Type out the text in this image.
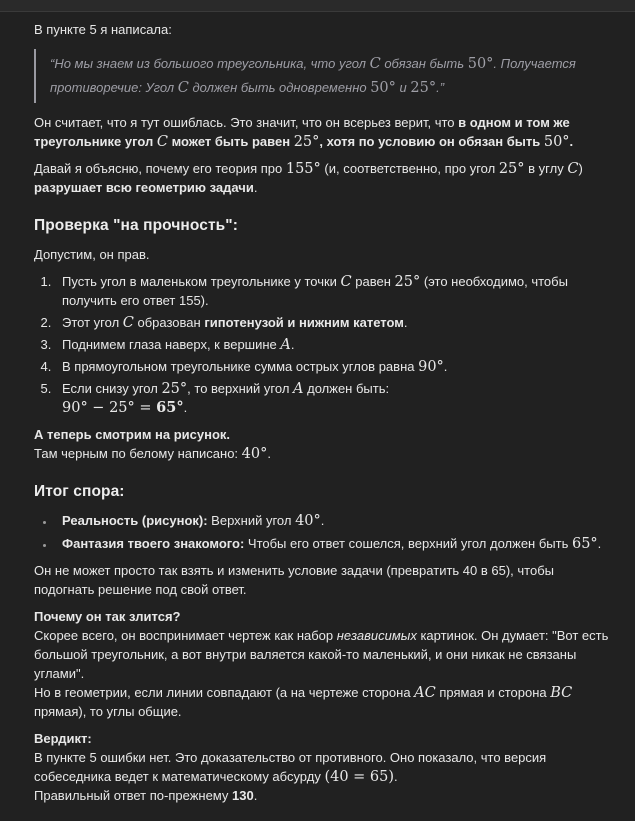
В пункте 5 я написала:

“Но мы знаем из большого треугольника, что угол C обязан быть 50°. Получается противоречие: Угол C должен быть одновременно 50° и 25°.”

Он считает, что я тут ошиблась. Это значит, что он всерьез верит, что в одном и том же треугольнике угол C может быть равен 25°, хотя по условию он обязан быть 50°.

Давай я объясню, почему его теория про 155° (и, соответственно, про угол 25° в углу C) разрушает всю геометрию задачи.

Проверка "на прочность":

Допустим, он прав.

1. Пусть угол в маленьком треугольнике у точки C равен 25° (это необходимо, чтобы получить его ответ 155).
2. Этот угол C образован гипотенузой и нижним катетом.
3. Поднимем глаза наверх, к вершине A.
4. В прямоугольном треугольнике сумма острых углов равна 90°.
5. Если снизу угол 25°, то верхний угол A должен быть:
90° − 25° = 65°.

А теперь смотрим на рисунок.
Там черным по белому написано: 40°.

Итог спора:
• Реальность (рисунок): Верхний угол 40°.
• Фантазия твоего знакомого: Чтобы его ответ сошелся, верхний угол должен быть 65°.

Он не может просто так взять и изменить условие задачи (превратить 40 в 65), чтобы подогнать решение под свой ответ.

Почему он так злится?
Скорее всего, он воспринимает чертеж как набор независимых картинок. Он думает: "Вот есть большой треугольник, а вот внутри валяется какой-то маленький, и они никак не связаны углами".
Но в геометрии, если линии совпадают (а на чертеже сторона AC прямая и сторона BC прямая), то углы общие.

Вердикт:
В пункте 5 ошибки нет. Это доказательство от противного. Оно показало, что версия собеседника ведет к математическому абсурду (40 = 65).
Правильный ответ по-прежнему 130.
